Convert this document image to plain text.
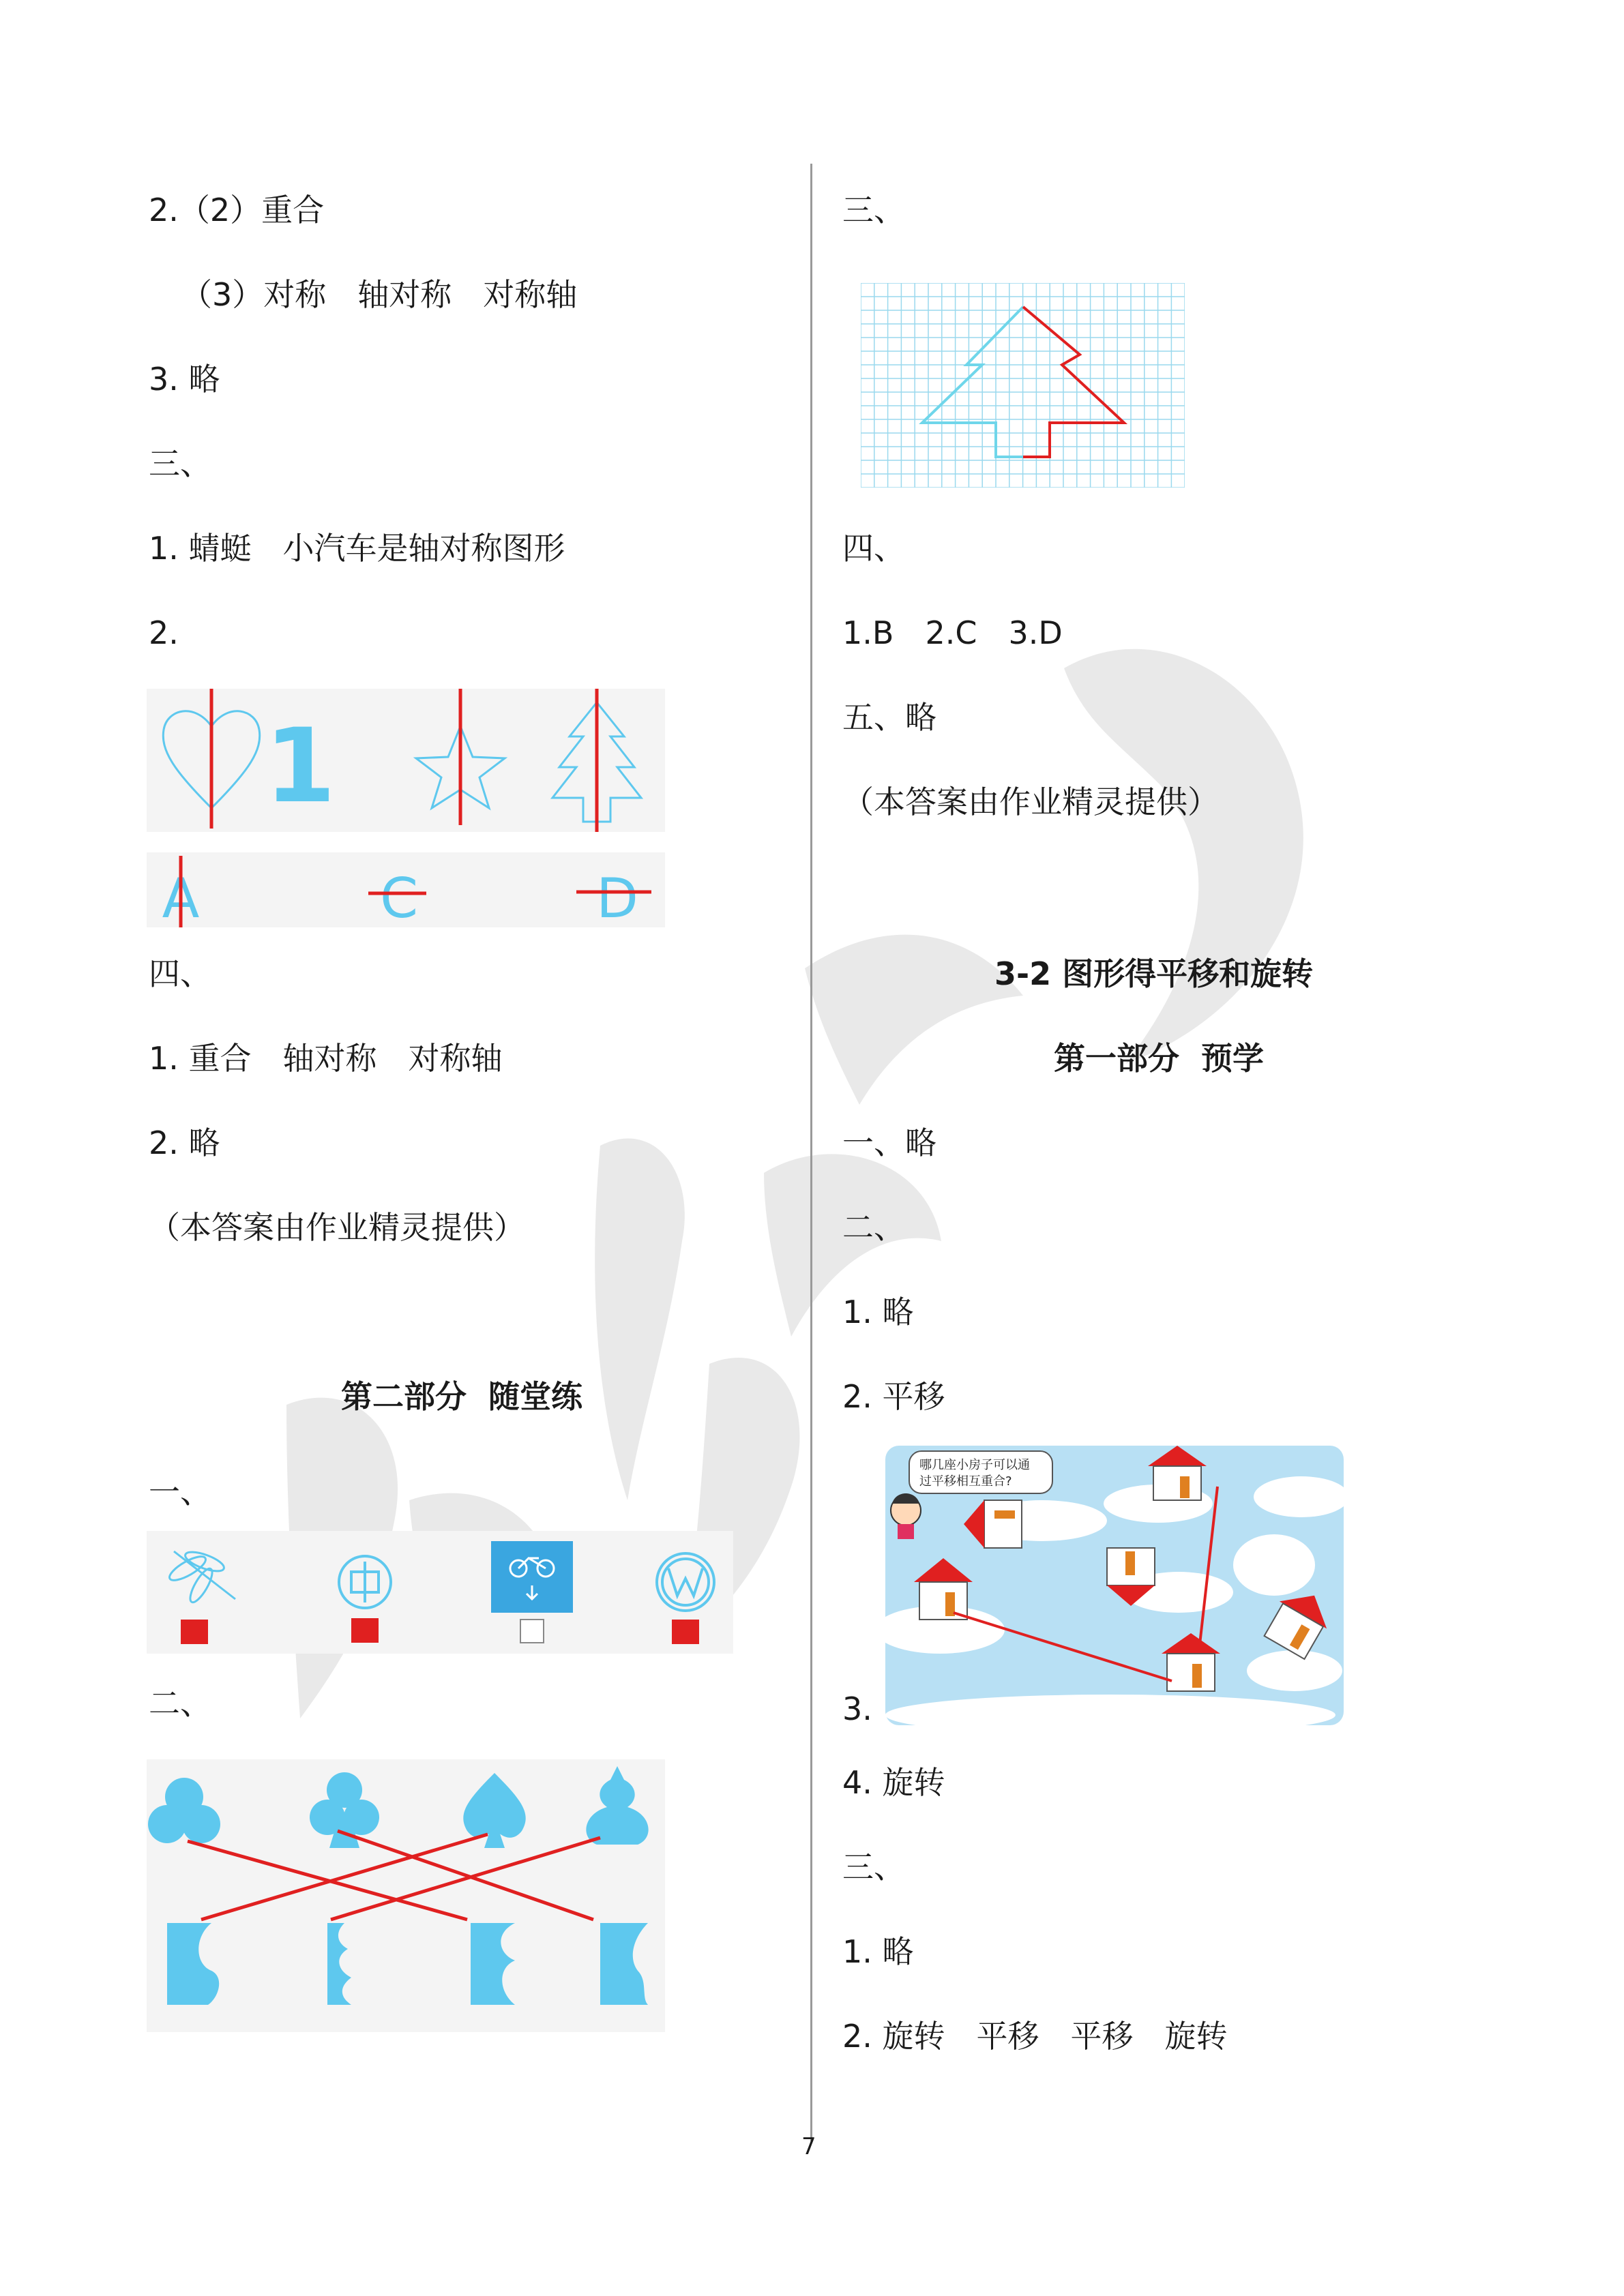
2.（2）重合
（3）对称　轴对称　对称轴
3. 略
三、
1. 蜻蜓　小汽车是轴对称图形
2.
1
A	C	D
四、
1. 重合　轴对称　对称轴
2. 略
（本答案由作业精灵提供）
第二部分  随堂练
一、
二、
三、
四、
1.B　2.C　3.D
五、略
（本答案由作业精灵提供）
3-2 图形得平移和旋转
第一部分  预学
一、略
二、
1. 略
2. 平移
哪几座小房子可以通 过平移相互重合?
3.
4. 旋转
三、
1. 略
2. 旋转　平移　平移　旋转
7
